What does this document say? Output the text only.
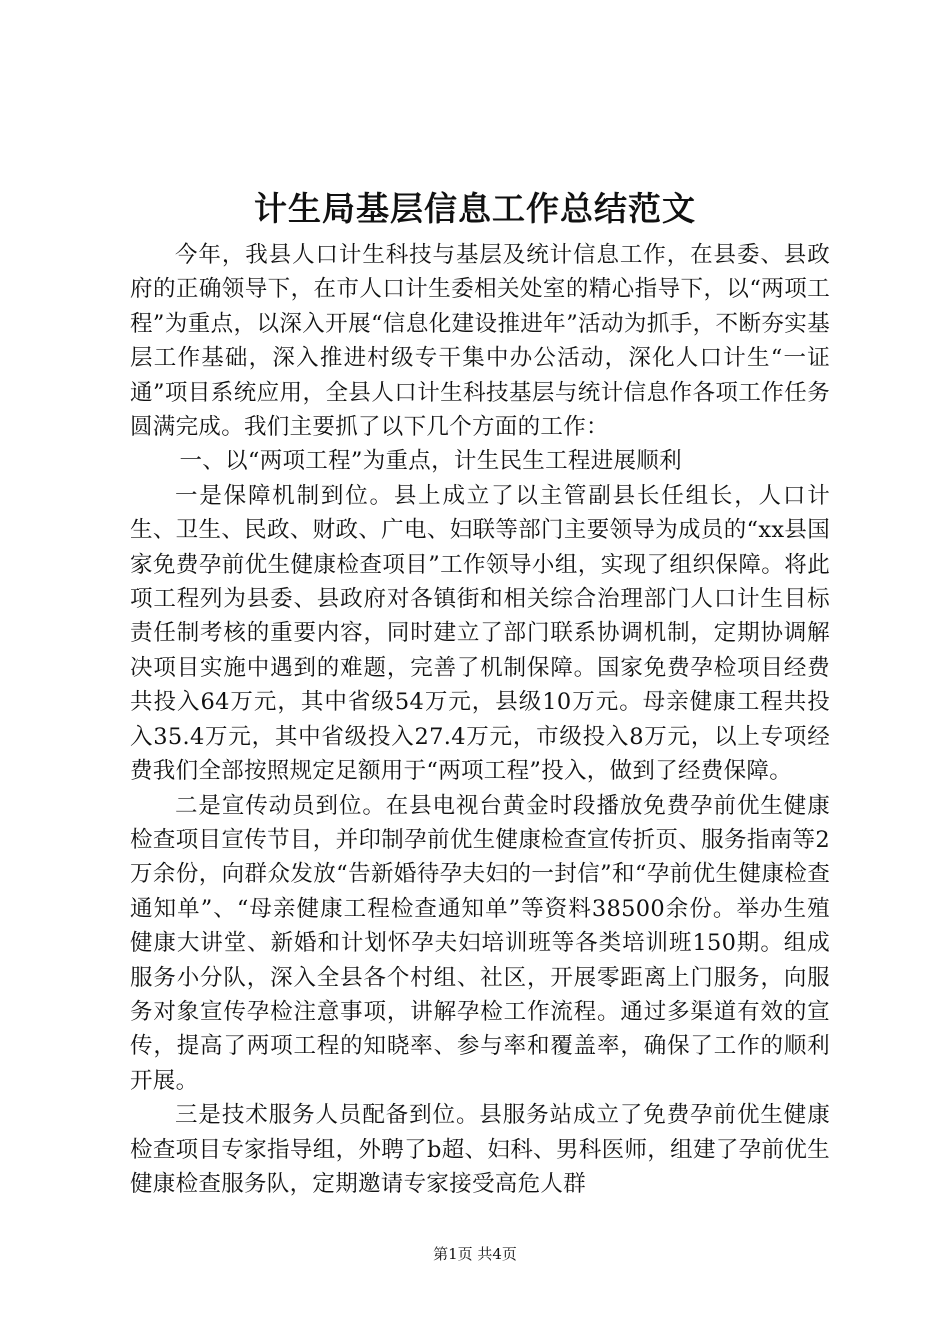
计生局基层信息工作总结范文

今年，我县人口计生科技与基层及统计信息工作，在县委、县政府的正确领导下，在市人口计生委相关处室的精心指导下，以“两项工程”为重点，以深入开展“信息化建设推进年”活动为抓手，不断夯实基层工作基础，深入推进村级专干集中办公活动，深化人口计生“一证通”项目系统应用，全县人口计生科技基层与统计信息作各项工作任务圆满完成。我们主要抓了以下几个方面的工作：

一、以“两项工程”为重点，计生民生工程进展顺利

一是保障机制到位。县上成立了以主管副县长任组长，人口计生、卫生、民政、财政、广电、妇联等部门主要领导为成员的“xx县国家免费孕前优生健康检查项目”工作领导小组，实现了组织保障。将此项工程列为县委、县政府对各镇街和相关综合治理部门人口计生目标责任制考核的重要内容，同时建立了部门联系协调机制，定期协调解决项目实施中遇到的难题，完善了机制保障。国家免费孕检项目经费共投入64万元，其中省级54万元，县级10万元。母亲健康工程共投入35.4万元，其中省级投入27.4万元，市级投入8万元，以上专项经费我们全部按照规定足额用于“两项工程”投入，做到了经费保障。

二是宣传动员到位。在县电视台黄金时段播放免费孕前优生健康检查项目宣传节目，并印制孕前优生健康检查宣传折页、服务指南等2万余份，向群众发放“告新婚待孕夫妇的一封信”和“孕前优生健康检查通知单”、“母亲健康工程检查通知单”等资料38500余份。举办生殖健康大讲堂、新婚和计划怀孕夫妇培训班等各类培训班150期。组成服务小分队，深入全县各个村组、社区，开展零距离上门服务，向服务对象宣传孕检注意事项，讲解孕检工作流程。通过多渠道有效的宣传，提高了两项工程的知晓率、参与率和覆盖率，确保了工作的顺利开展。

三是技术服务人员配备到位。县服务站成立了免费孕前优生健康检查项目专家指导组，外聘了b超、妇科、男科医师，组建了孕前优生健康检查服务队，定期邀请专家接受高危人群

第1页 共4页
